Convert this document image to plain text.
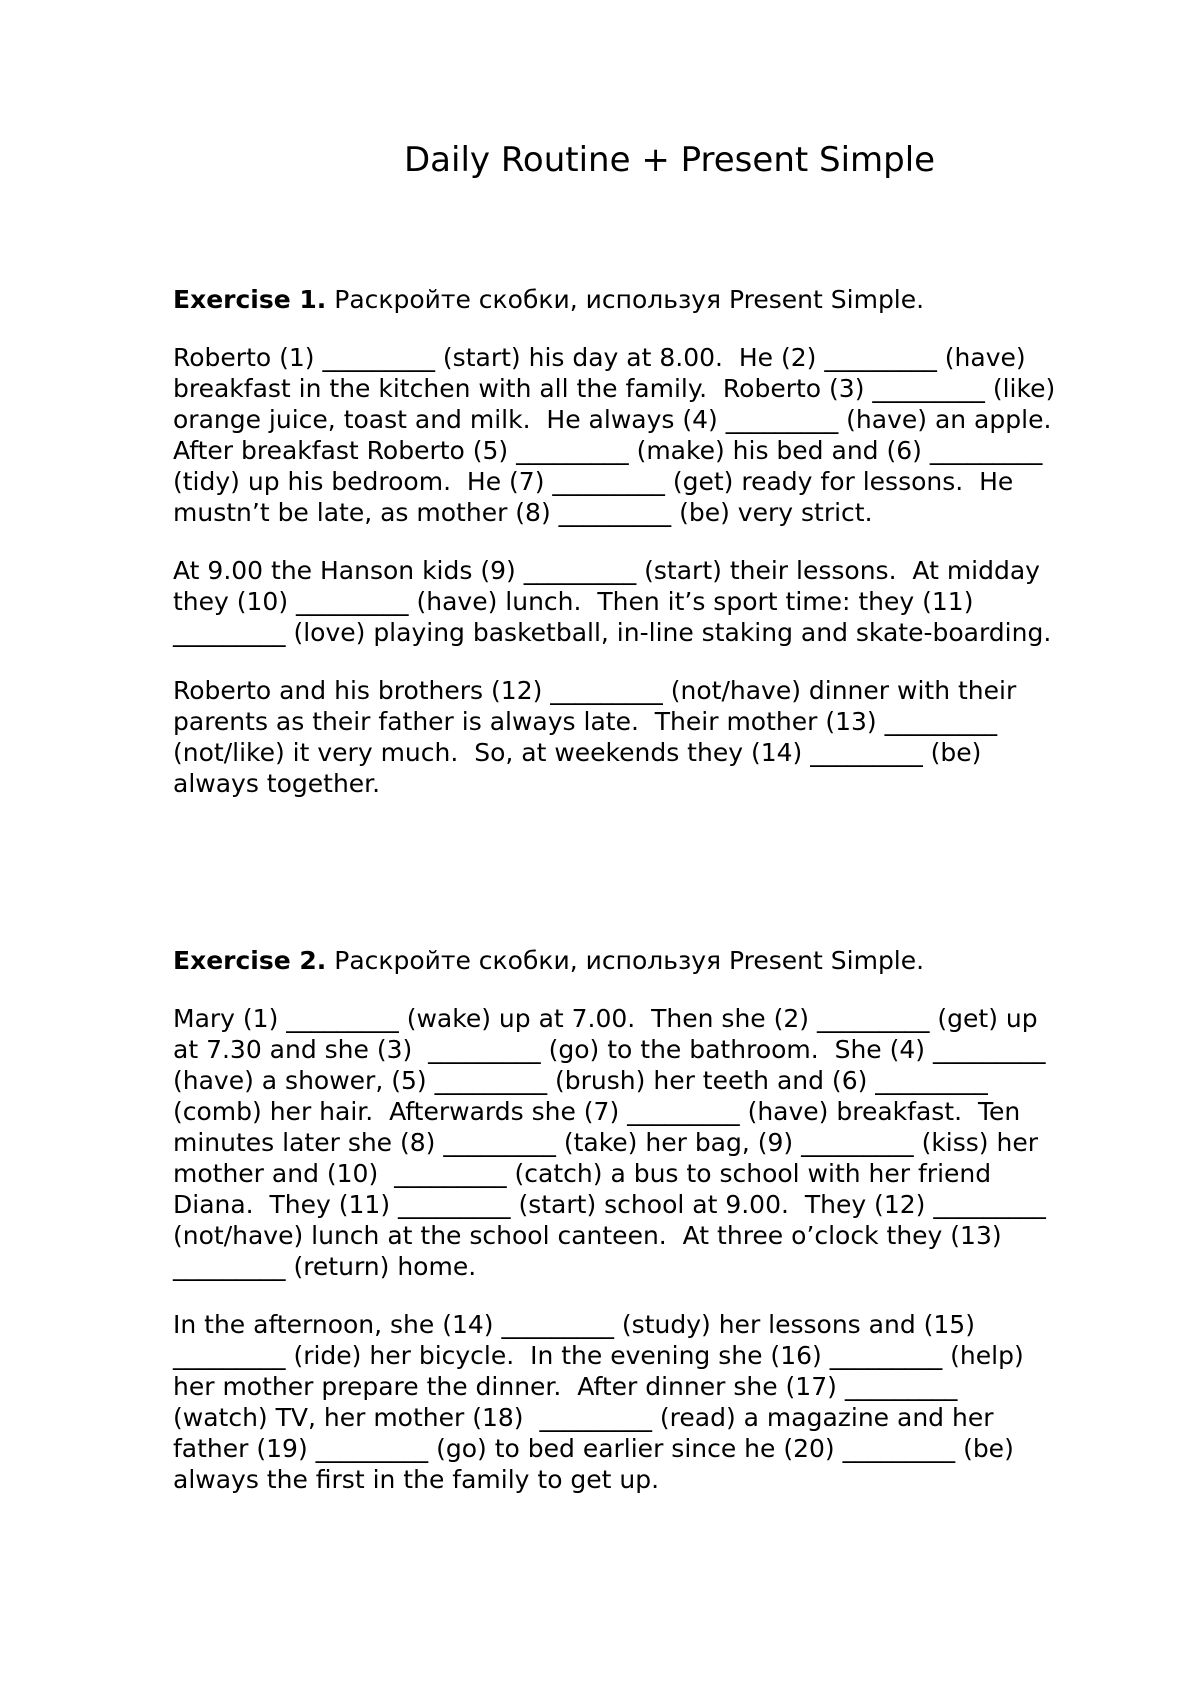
Daily Routine + Present Simple
Exercise 1. Раскройте скобки, используя Present Simple.
Roberto (1) _________ (start) his day at 8.00.  He (2) _________ (have)
breakfast in the kitchen with all the family.  Roberto (3) _________ (like)
orange juice, toast and milk.  He always (4) _________ (have) an apple.
After breakfast Roberto (5) _________ (make) his bed and (6) _________
(tidy) up his bedroom.  He (7) _________ (get) ready for lessons.  He
mustn’t be late, as mother (8) _________ (be) very strict.
At 9.00 the Hanson kids (9) _________ (start) their lessons.  At midday
they (10) _________ (have) lunch.  Then it’s sport time: they (11)
_________ (love) playing basketball, in-line staking and skate-boarding.
Roberto and his brothers (12) _________ (not/have) dinner with their
parents as their father is always late.  Their mother (13) _________
(not/like) it very much.  So, at weekends they (14) _________ (be)
always together.
Exercise 2. Раскройте скобки, используя Present Simple.
Mary (1) _________ (wake) up at 7.00.  Then she (2) _________ (get) up
at 7.30 and she (3)  _________ (go) to the bathroom.  She (4) _________
(have) a shower, (5) _________ (brush) her teeth and (6) _________
(comb) her hair.  Afterwards she (7) _________ (have) breakfast.  Ten
minutes later she (8) _________ (take) her bag, (9) _________ (kiss) her
mother and (10)  _________ (catch) a bus to school with her friend
Diana.  They (11) _________ (start) school at 9.00.  They (12) _________
(not/have) lunch at the school canteen.  At three o’clock they (13)
_________ (return) home.
In the afternoon, she (14) _________ (study) her lessons and (15)
_________ (ride) her bicycle.  In the evening she (16) _________ (help)
her mother prepare the dinner.  After dinner she (17) _________
(watch) TV, her mother (18)  _________ (read) a magazine and her
father (19) _________ (go) to bed earlier since he (20) _________ (be)
always the first in the family to get up.
